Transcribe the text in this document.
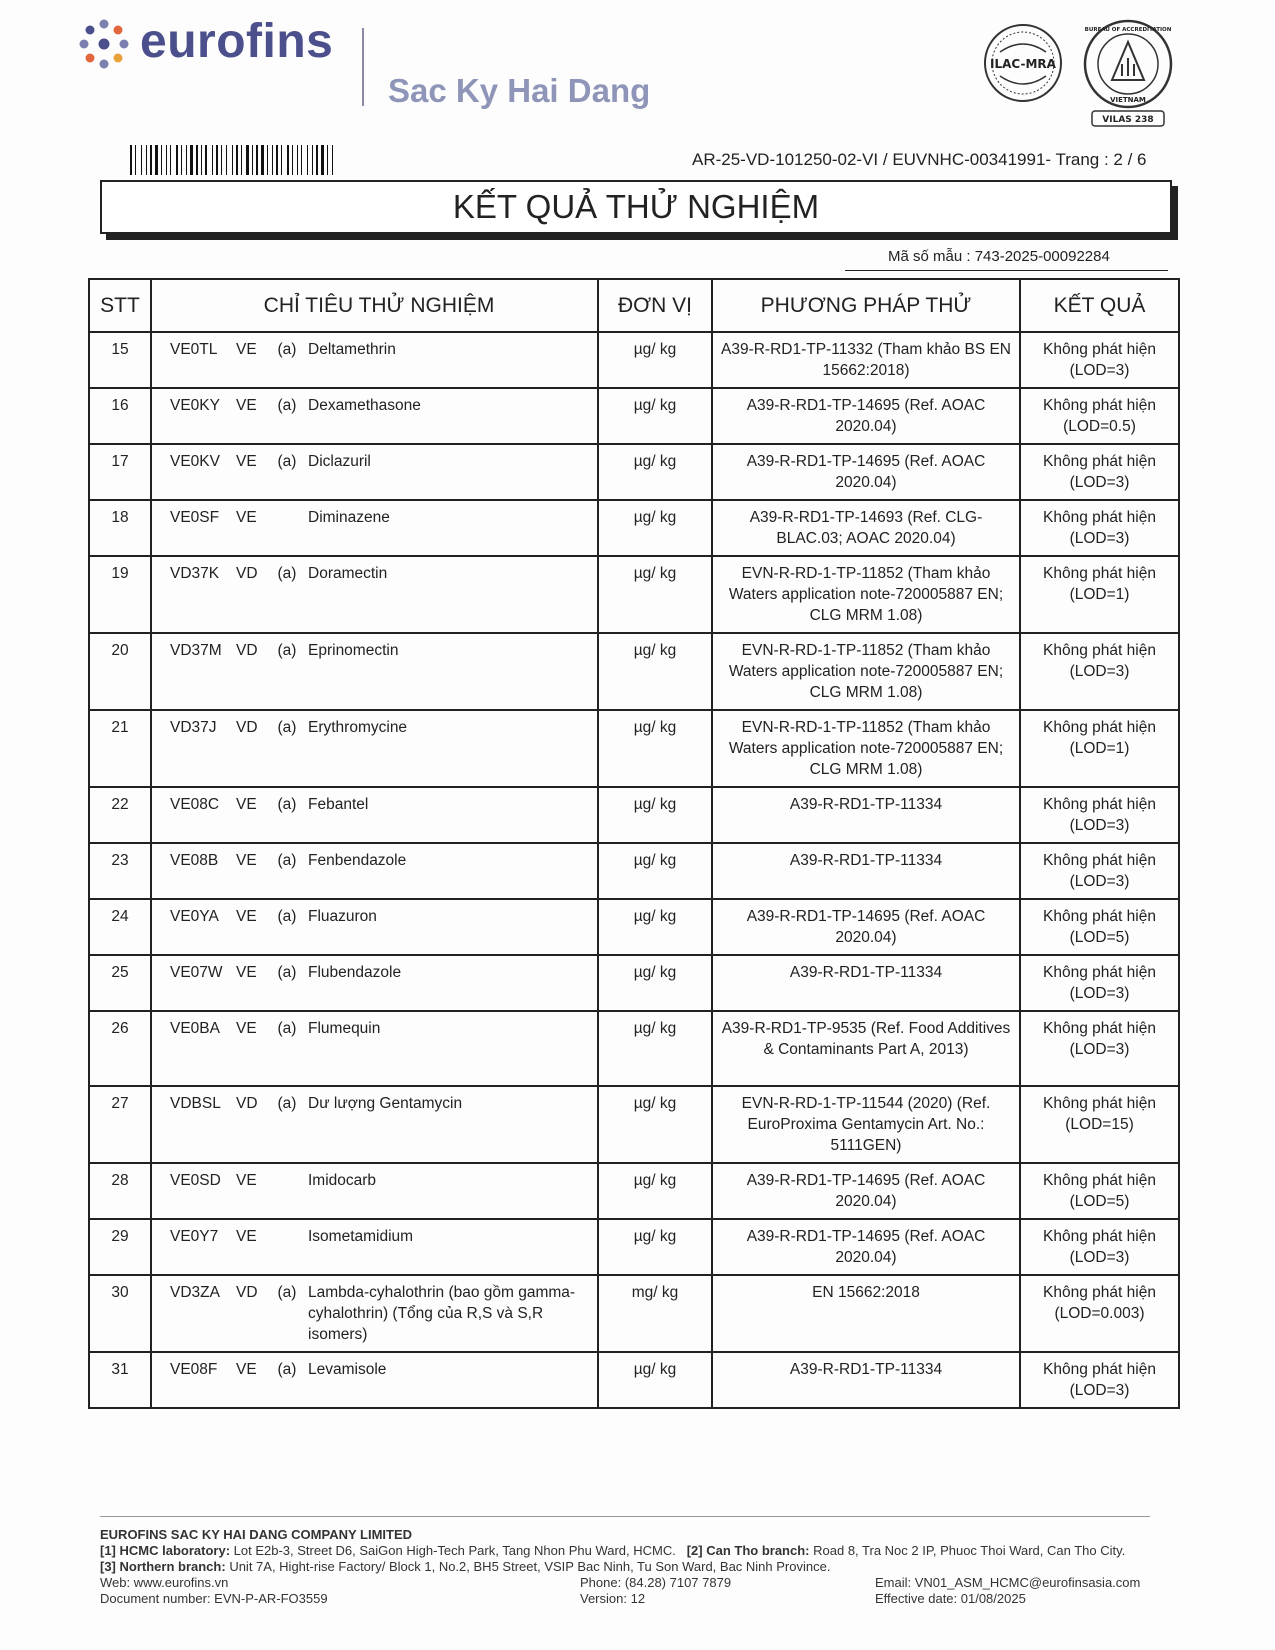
eurofins
Sac Ky Hai Dang
ILAC-MRA
BUREAU OF ACCREDITATION
VIETNAM
VILAS 238
AR-25-VD-101250-02-VI / EUVNHC-00341991- Trang : 2 / 6
KẾT QUẢ THỬ NGHIỆM
Mã số mẫu : 743-2025-00092284
STT	CHỈ TIÊU THỬ NGHIỆM	ĐƠN VỊ	PHƯƠNG PHÁP THỬ	KẾT QUẢ
15	VE0TL VE (a) Deltamethrin	µg/ kg	A39-R-RD1-TP-11332 (Tham khảo BS EN 15662:2018)	Không phát hiện (LOD=3)
16	VE0KY VE (a) Dexamethasone	µg/ kg	A39-R-RD1-TP-14695 (Ref. AOAC 2020.04)	Không phát hiện (LOD=0.5)
17	VE0KV VE (a) Diclazuril	µg/ kg	A39-R-RD1-TP-14695 (Ref. AOAC 2020.04)	Không phát hiện (LOD=3)
18	VE0SF VE Diminazene	µg/ kg	A39-R-RD1-TP-14693 (Ref. CLG-BLAC.03; AOAC 2020.04)	Không phát hiện (LOD=3)
19	VD37K VD (a) Doramectin	µg/ kg	EVN-R-RD-1-TP-11852 (Tham khảo Waters application note-720005887 EN; CLG MRM 1.08)	Không phát hiện (LOD=1)
20	VD37M VD (a) Eprinomectin	µg/ kg	EVN-R-RD-1-TP-11852 (Tham khảo Waters application note-720005887 EN; CLG MRM 1.08)	Không phát hiện (LOD=3)
21	VD37J VD (a) Erythromycine	µg/ kg	EVN-R-RD-1-TP-11852 (Tham khảo Waters application note-720005887 EN; CLG MRM 1.08)	Không phát hiện (LOD=1)
22	VE08C VE (a) Febantel	µg/ kg	A39-R-RD1-TP-11334	Không phát hiện (LOD=3)
23	VE08B VE (a) Fenbendazole	µg/ kg	A39-R-RD1-TP-11334	Không phát hiện (LOD=3)
24	VE0YA VE (a) Fluazuron	µg/ kg	A39-R-RD1-TP-14695 (Ref. AOAC 2020.04)	Không phát hiện (LOD=5)
25	VE07W VE (a) Flubendazole	µg/ kg	A39-R-RD1-TP-11334	Không phát hiện (LOD=3)
26	VE0BA VE (a) Flumequin	µg/ kg	A39-R-RD1-TP-9535 (Ref. Food Additives & Contaminants Part A, 2013)	Không phát hiện (LOD=3)
27	VDBSL VD (a) Dư lượng Gentamycin	µg/ kg	EVN-R-RD-1-TP-11544 (2020) (Ref. EuroProxima Gentamycin Art. No.: 5111GEN)	Không phát hiện (LOD=15)
28	VE0SD VE Imidocarb	µg/ kg	A39-R-RD1-TP-14695 (Ref. AOAC 2020.04)	Không phát hiện (LOD=5)
29	VE0Y7 VE Isometamidium	µg/ kg	A39-R-RD1-TP-14695 (Ref. AOAC 2020.04)	Không phát hiện (LOD=3)
30	VD3ZA VD (a) Lambda-cyhalothrin (bao gồm gamma-cyhalothrin) (Tổng của R,S và S,R isomers)	mg/ kg	EN 15662:2018	Không phát hiện (LOD=0.003)
31	VE08F VE (a) Levamisole	µg/ kg	A39-R-RD1-TP-11334	Không phát hiện (LOD=3)
EUROFINS SAC KY HAI DANG COMPANY LIMITED
[1] HCMC laboratory: Lot E2b-3, Street D6, SaiGon High-Tech Park, Tang Nhon Phu Ward, HCMC. [2] Can Tho branch: Road 8, Tra Noc 2 IP, Phuoc Thoi Ward, Can Tho City.
[3] Northern branch: Unit 7A, Hight-rise Factory/ Block 1, No.2, BH5 Street, VSIP Bac Ninh, Tu Son Ward, Bac Ninh Province.
Web: www.eurofins.vn
Document number: EVN-P-AR-FO3559
Phone: (84.28) 7107 7879
Version: 12
Email: VN01_ASM_HCMC@eurofinsasia.com
Effective date: 01/08/2025
